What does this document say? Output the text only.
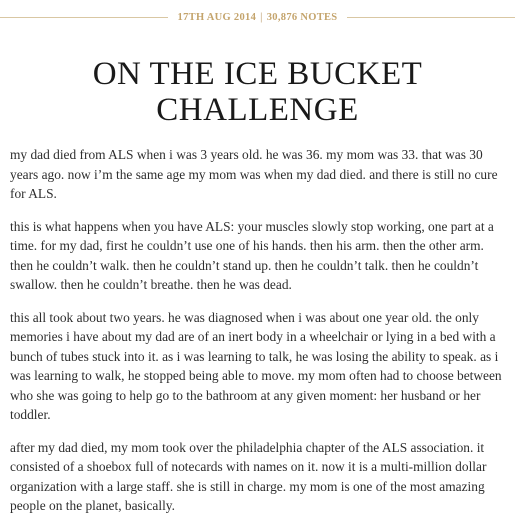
17TH AUG 2014 | 30,876 NOTES
ON THE ICE BUCKET
CHALLENGE

my dad died from ALS when i was 3 years old. he was 36. my mom was 33. that was 30 years ago. now i’m the same age my mom was when my dad died. and there is still no cure for ALS.

this is what happens when you have ALS: your muscles slowly stop working, one part at a time. for my dad, first he couldn’t use one of his hands. then his arm. then the other arm. then he couldn’t walk. then he couldn’t stand up. then he couldn’t talk. then he couldn’t swallow. then he couldn’t breathe. then he was dead.

this all took about two years. he was diagnosed when i was about one year old. the only memories i have about my dad are of an inert body in a wheelchair or lying in a bed with a bunch of tubes stuck into it. as i was learning to talk, he was losing the ability to speak. as i was learning to walk, he stopped being able to move. my mom often had to choose between who she was going to help go to the bathroom at any given moment: her husband or her toddler.

after my dad died, my mom took over the philadelphia chapter of the ALS association. it consisted of a shoebox full of notecards with names on it. now it is a multi-million dollar organization with a large staff. she is still in charge. my mom is one of the most amazing people on the planet, basically.
